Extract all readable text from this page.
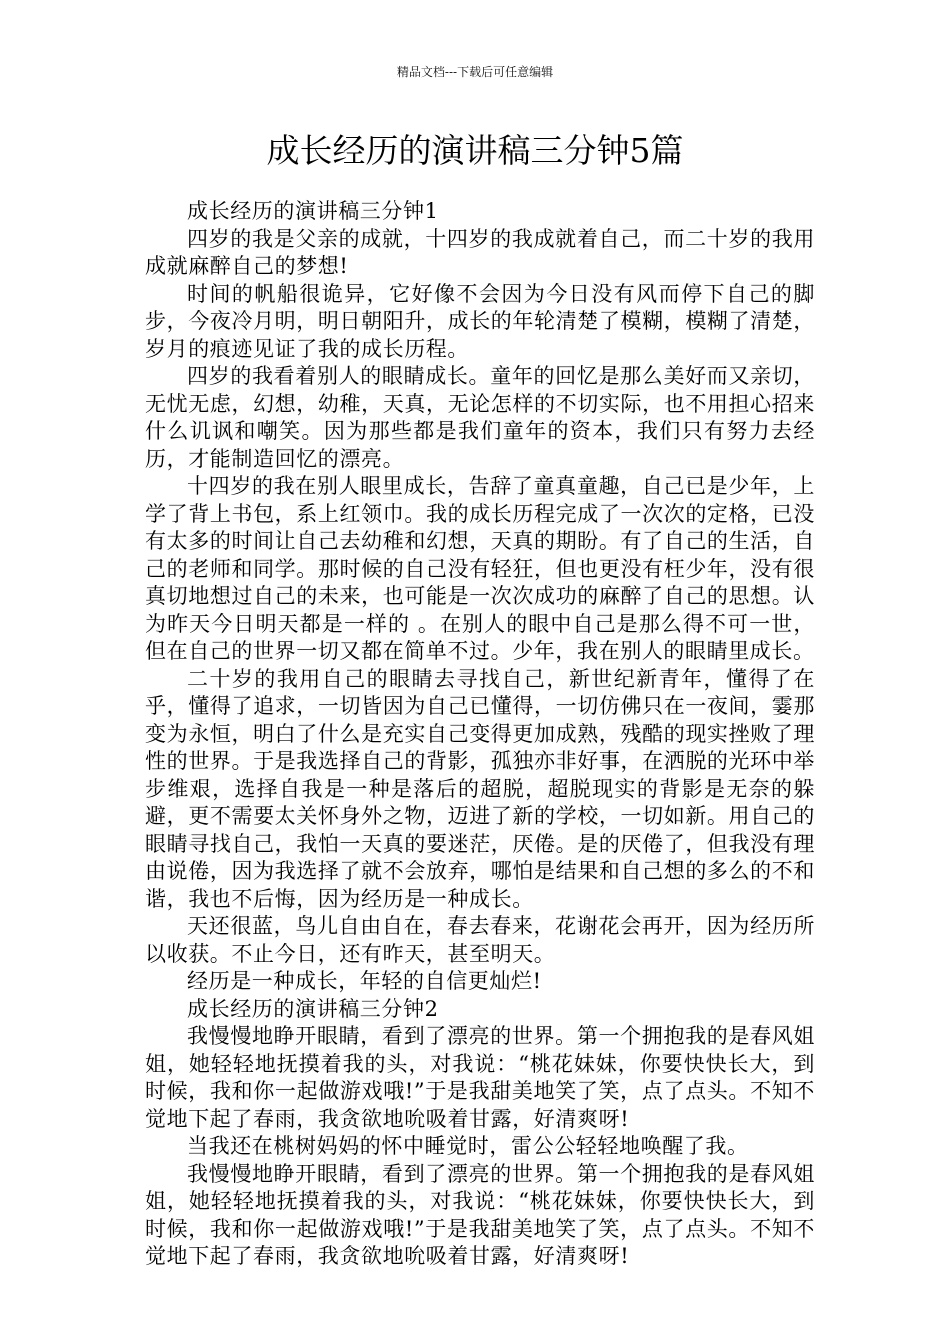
精品文档---下载后可任意编辑
成长经历的演讲稿三分钟5篇

成长经历的演讲稿三分钟1

四岁的我是父亲的成就，十四岁的我成就着自己，而二十岁的我用成就麻醉自己的梦想!

时间的帆船很诡异，它好像不会因为今日没有风而停下自己的脚步，今夜冷月明，明日朝阳升，成长的年轮清楚了模糊，模糊了清楚，岁月的痕迹见证了我的成长历程。

四岁的我看着别人的眼睛成长。童年的回忆是那么美好而又亲切，无忧无虑，幻想，幼稚，天真，无论怎样的不切实际，也不用担心招来什么讥讽和嘲笑。因为那些都是我们童年的资本，我们只有努力去经历，才能制造回忆的漂亮。

十四岁的我在别人眼里成长，告辞了童真童趣，自己已是少年，上学了背上书包，系上红领巾。我的成长历程完成了一次次的定格，已没有太多的时间让自己去幼稚和幻想，天真的期盼。有了自己的生活，自己的老师和同学。那时候的自己没有轻狂，但也更没有枉少年，没有很真切地想过自己的未来，也可能是一次次成功的麻醉了自己的思想。认为昨天今日明天都是一样的 。在别人的眼中自己是那么得不可一世，但在自己的世界一切又都在简单不过。少年，我在别人的眼睛里成长。

二十岁的我用自己的眼睛去寻找自己，新世纪新青年，懂得了在乎，懂得了追求，一切皆因为自己已懂得，一切仿佛只在一夜间，霎那变为永恒，明白了什么是充实自己变得更加成熟，残酷的现实挫败了理性的世界。于是我选择自己的背影，孤独亦非好事，在洒脱的光环中举步维艰，选择自我是一种是落后的超脱，超脱现实的背影是无奈的躲避，更不需要太关怀身外之物，迈进了新的学校，一切如新。用自己的眼睛寻找自己，我怕一天真的要迷茫，厌倦。是的厌倦了，但我没有理由说倦，因为我选择了就不会放弃，哪怕是结果和自己想的多么的不和谐，我也不后悔，因为经历是一种成长。

天还很蓝，鸟儿自由自在，春去春来，花谢花会再开，因为经历所以收获。不止今日，还有昨天，甚至明天。

经历是一种成长，年轻的自信更灿烂!

成长经历的演讲稿三分钟2

我慢慢地睁开眼睛，看到了漂亮的世界。第一个拥抱我的是春风姐姐，她轻轻地抚摸着我的头，对我说：“桃花妹妹，你要快快长大，到时候，我和你一起做游戏哦!”于是我甜美地笑了笑，点了点头。不知不觉地下起了春雨，我贪欲地吮吸着甘露，好清爽呀!

当我还在桃树妈妈的怀中睡觉时，雷公公轻轻地唤醒了我。

我慢慢地睁开眼睛，看到了漂亮的世界。第一个拥抱我的是春风姐姐，她轻轻地抚摸着我的头，对我说：“桃花妹妹，你要快快长大，到时候，我和你一起做游戏哦!”于是我甜美地笑了笑，点了点头。不知不觉地下起了春雨，我贪欲地吮吸着甘露，好清爽呀!
